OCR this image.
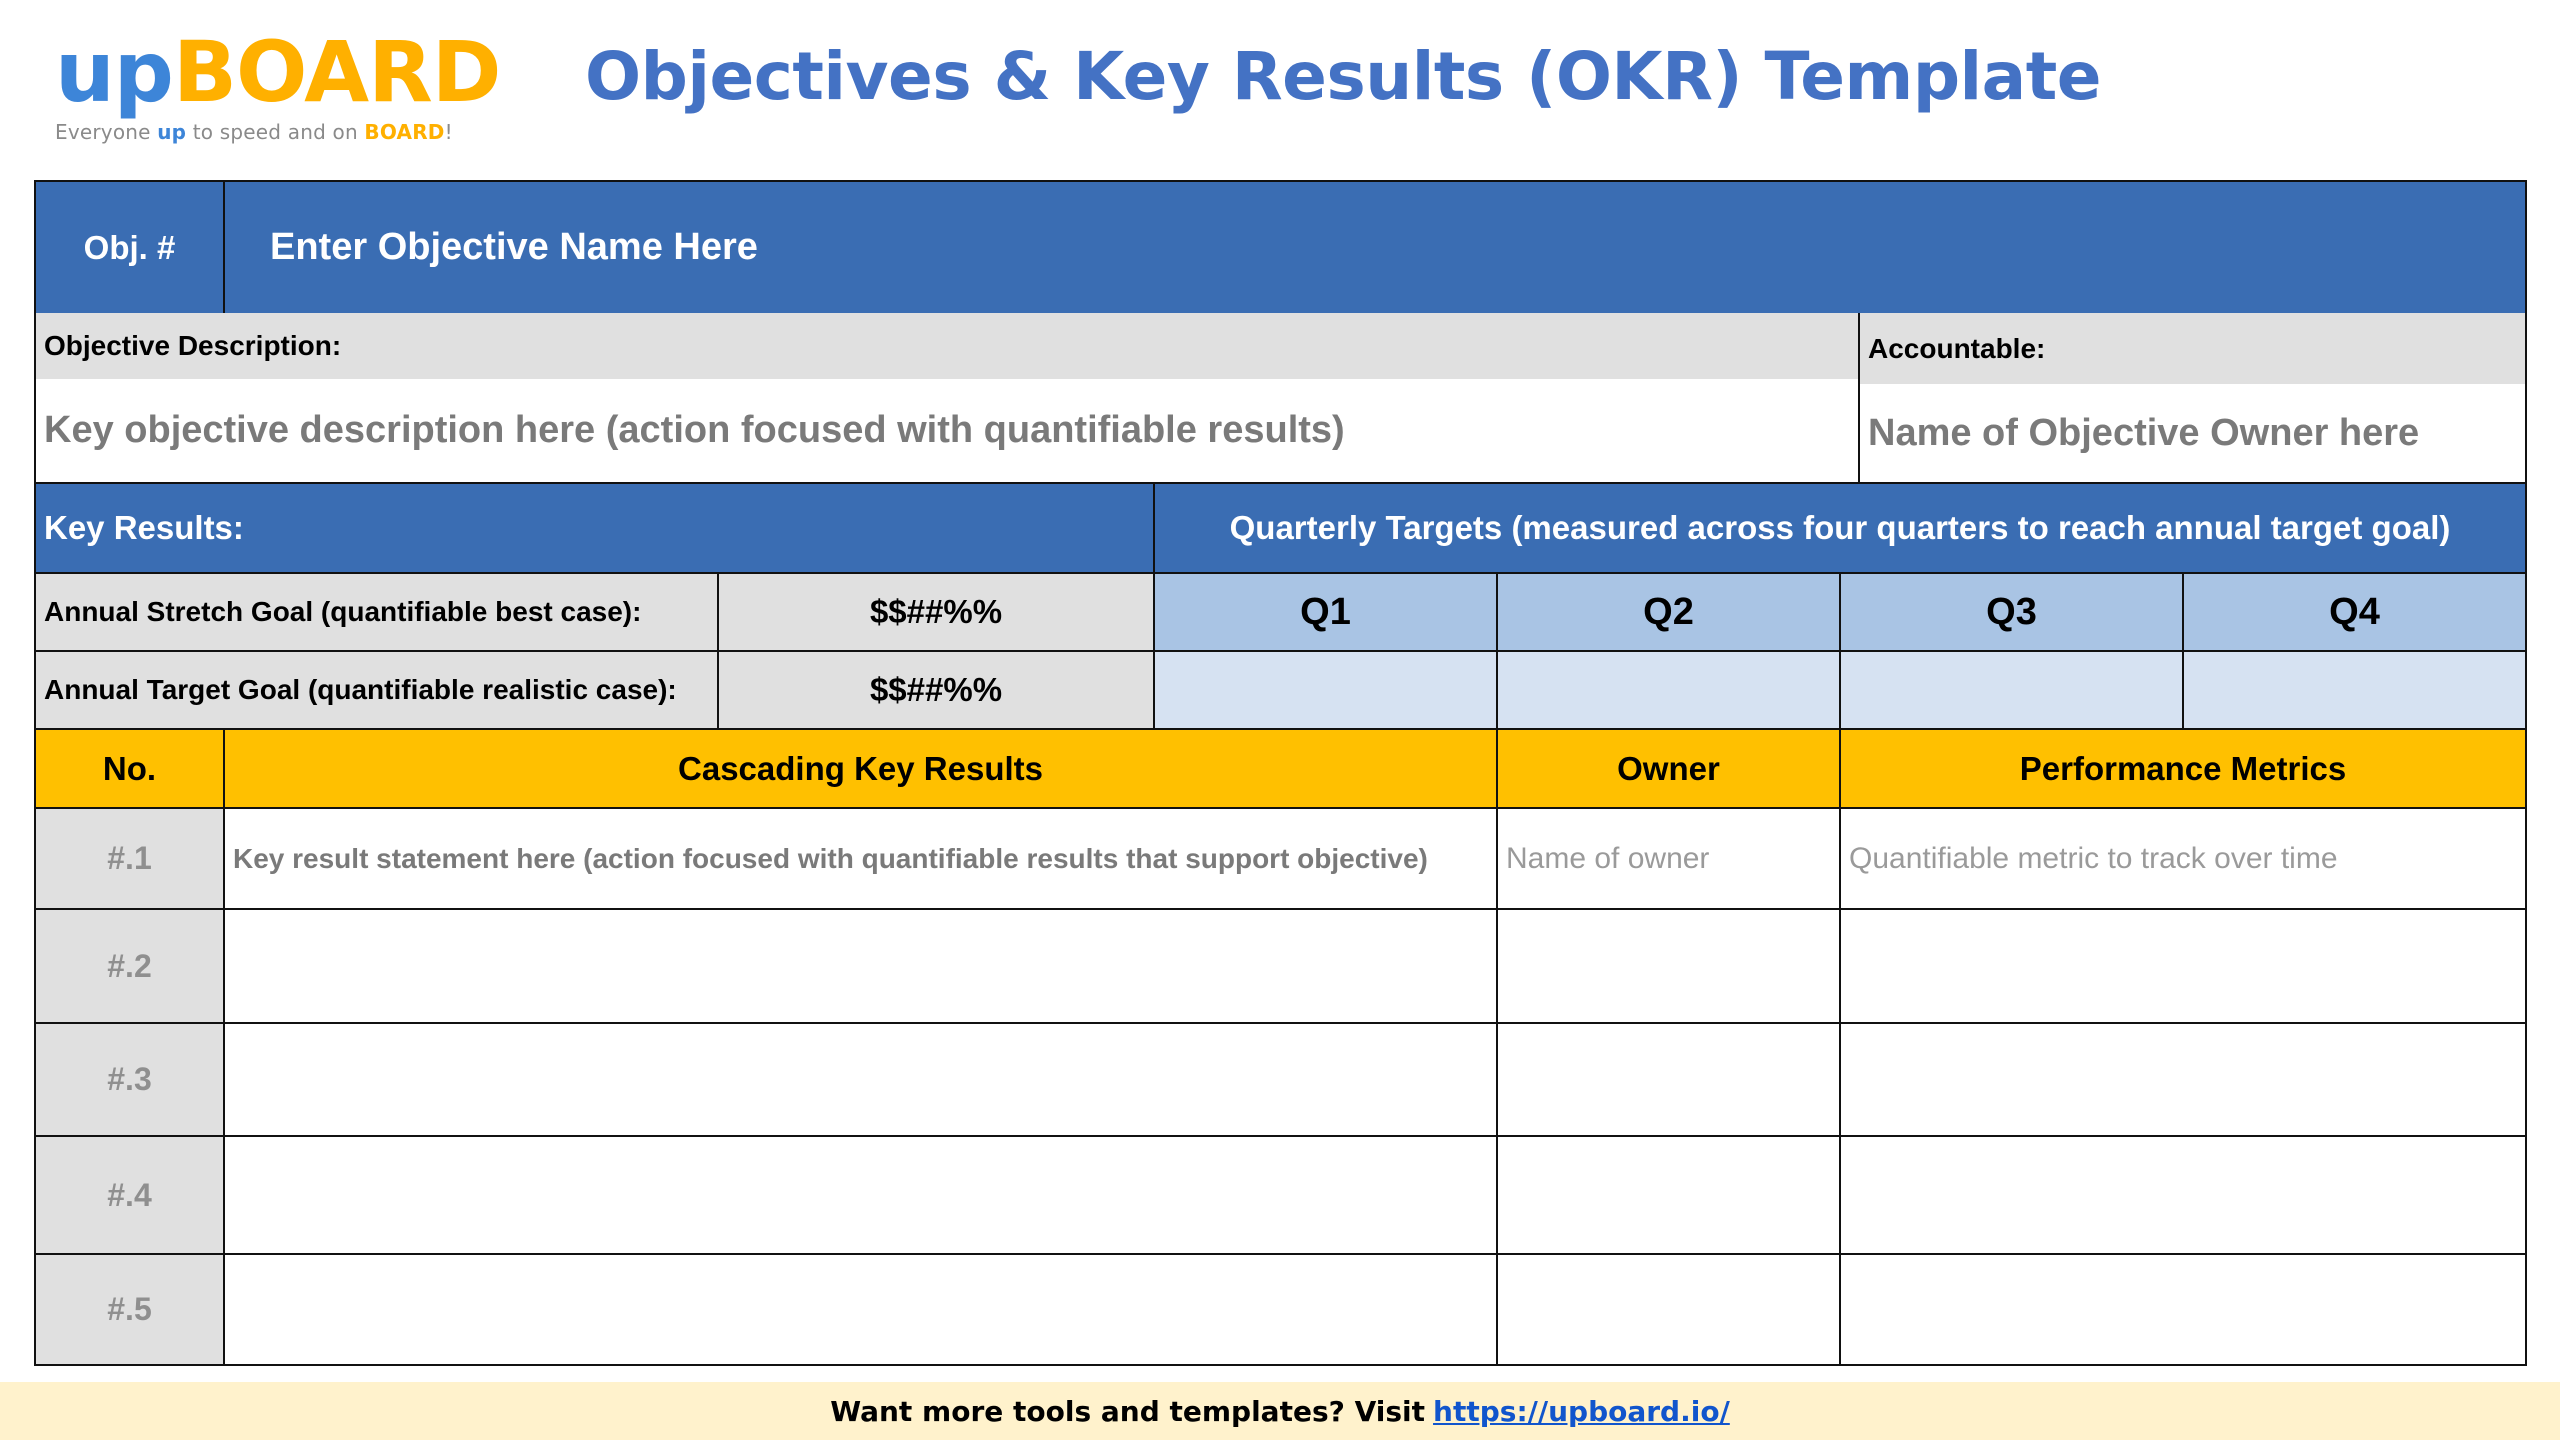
upBOARD
Everyone up to speed and on BOARD!
Objectives & Key Results (OKR) Template
Obj. #	Enter Objective Name Here
Objective Description:
Key objective description here (action focused with quantifiable results)
Accountable:
Name of Objective Owner here
Key Results:	Quarterly Targets (measured across four quarters to reach annual target goal)
Annual Stretch Goal (quantifiable best case):	$$##%%	Q1	Q2	Q3	Q4
Annual Target Goal (quantifiable realistic case):	$$##%%
No.	Cascading Key Results	Owner	Performance Metrics
#.1	Key result statement here (action focused with quantifiable results that support objective)	Name of owner	Quantifiable metric to track over time
#.2
#.3
#.4
#.5
Want more tools and templates? Visit https://upboard.io/
